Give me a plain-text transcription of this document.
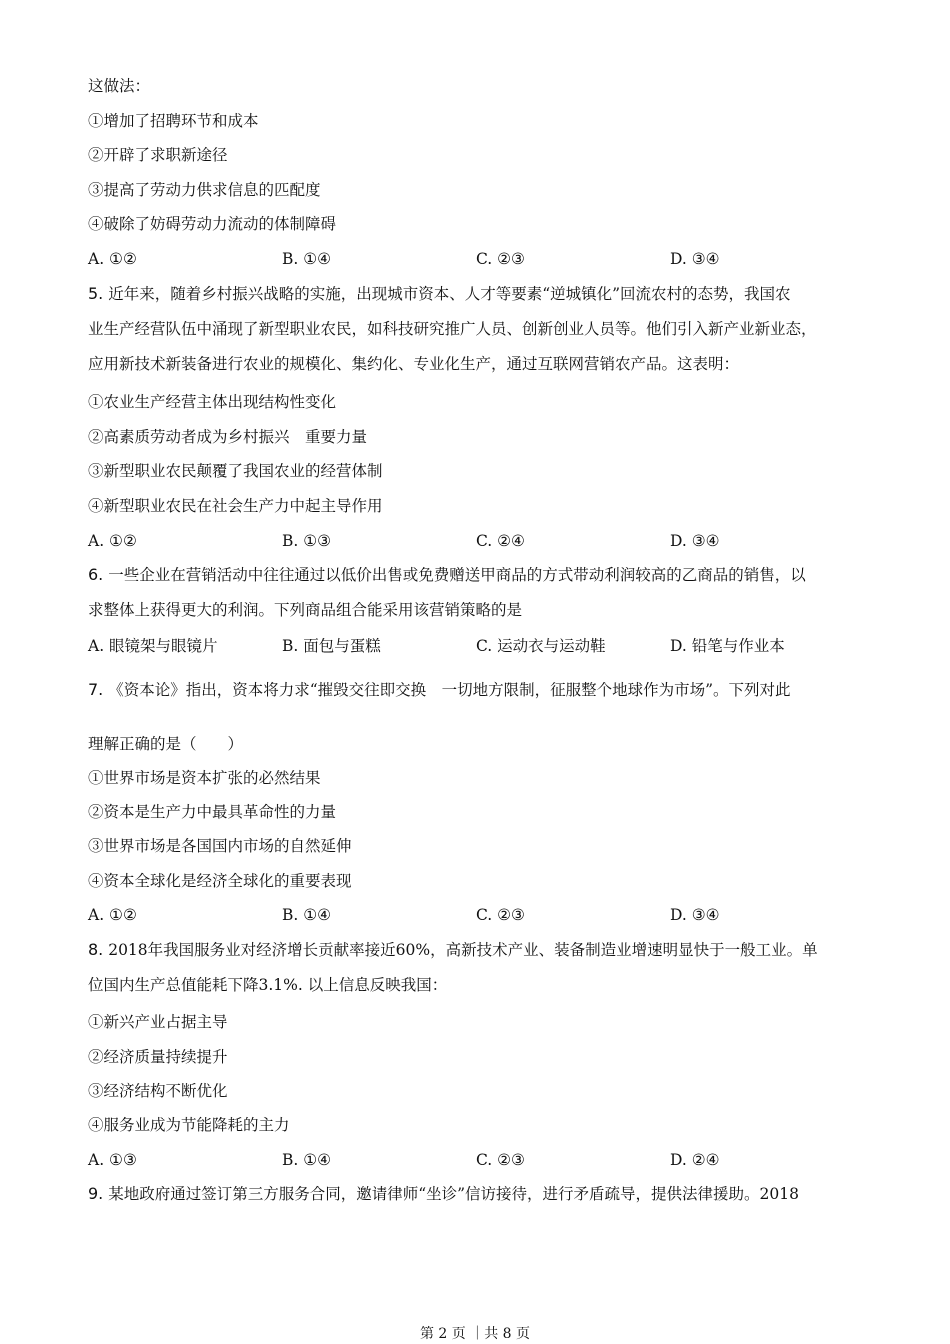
这做法：
①增加了招聘环节和成本
②开辟了求职新途径
③提高了劳动力供求信息的匹配度
④破除了妨碍劳动力流动的体制障碍
A. ①②	B. ①④	C. ②③	D. ③④
5. 近年来，随着乡村振兴战略的实施，出现城市资本、人才等要素“逆城镇化”回流农村的态势，我国农
业生产经营队伍中涌现了新型职业农民，如科技研究推广人员、创新创业人员等。他们引入新产业新业态，
应用新技术新装备进行农业的规模化、集约化、专业化生产，通过互联网营销农产品。这表明：
①农业生产经营主体出现结构性变化
②高素质劳动者成为乡村振兴　重要力量
③新型职业农民颠覆了我国农业的经营体制
④新型职业农民在社会生产力中起主导作用
A. ①②	B. ①③	C. ②④	D. ③④
6. 一些企业在营销活动中往往通过以低价出售或免费赠送甲商品的方式带动利润较高的乙商品的销售，以
求整体上获得更大的利润。下列商品组合能采用该营销策略的是
A. 眼镜架与眼镜片	B. 面包与蛋糕	C. 运动衣与运动鞋	D. 铅笔与作业本
7. 《资本论》指出，资本将力求“摧毁交往即交换　一切地方限制，征服整个地球作为市场”。下列对此
理解正确的是（　　）
①世界市场是资本扩张的必然结果
②资本是生产力中最具革命性的力量
③世界市场是各国国内市场的自然延伸
④资本全球化是经济全球化的重要表现
A. ①②	B. ①④	C. ②③	D. ③④
8. 2018年我国服务业对经济增长贡献率接近60%，高新技术产业、装备制造业增速明显快于一般工业。单
位国内生产总值能耗下降3.1%. 以上信息反映我国：
①新兴产业占据主导
②经济质量持续提升
③经济结构不断优化
④服务业成为节能降耗的主力
A. ①③	B. ①④	C. ②③	D. ②④
9. 某地政府通过签订第三方服务合同，邀请律师“坐诊”信访接待，进行矛盾疏导，提供法律援助。2018
第 2 页 ｜共 8 页
